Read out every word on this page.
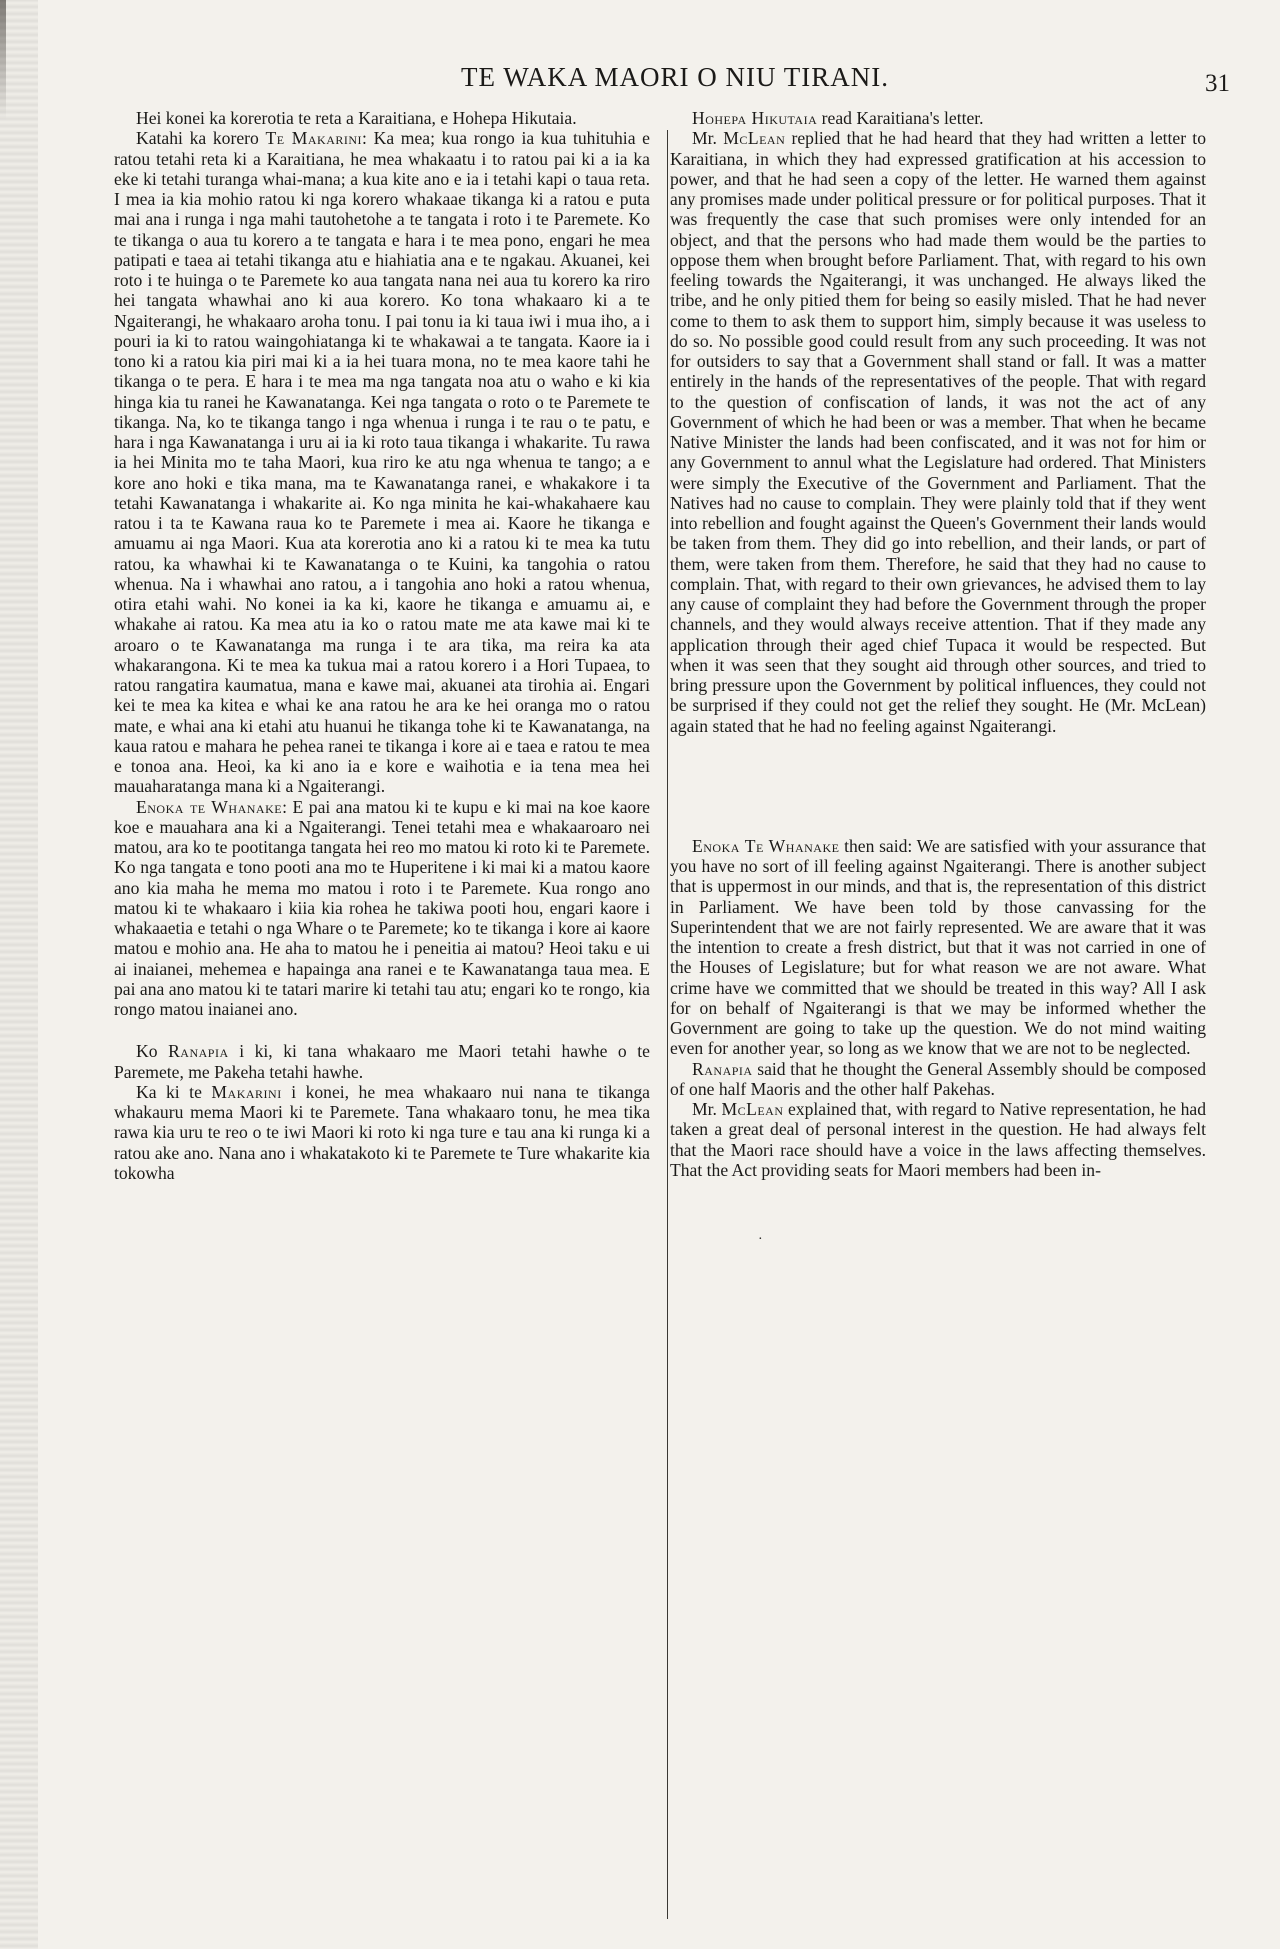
TE WAKA MAORI O NIU TIRANI.	31

Hei konei ka korerotia te reta a Karaitiana, e Hohepa Hikutaia.

Katahi ka korero Te Makarini: Ka mea; kua rongo ia kua tuhituhia e ratou tetahi reta ki a Karaitiana, he mea whakaatu i to ratou pai ki a ia ka eke ki tetahi turanga whai-mana; a kua kite ano e ia i tetahi kapi o taua reta. I mea ia kia mohio ratou ki nga korero whakaae tikanga ki a ratou e puta mai ana i runga i nga mahi tautohetohe a te tangata i roto i te Paremete. Ko te tikanga o aua tu korero a te tangata e hara i te mea pono, engari he mea patipati e taea ai tetahi tikanga atu e hiahiatia ana e te ngakau. Akuanei, kei roto i te huinga o te Paremete ko aua tangata nana nei aua tu korero ka riro hei tangata whawhai ano ki aua korero. Ko tona whakaaro ki a te Ngaiterangi, he whakaaro aroha tonu. I pai tonu ia ki taua iwi i mua iho, a i pouri ia ki to ratou waingohiatanga ki te whakawai a te tangata. Kaore ia i tono ki a ratou kia piri mai ki a ia hei tuara mona, no te mea kaore tahi he tikanga o te pera. E hara i te mea ma nga tangata noa atu o waho e ki kia hinga kia tu ranei he Kawanatanga. Kei nga tangata o roto o te Paremete te tikanga. Na, ko te tikanga tango i nga whenua i runga i te rau o te patu, e hara i nga Kawanatanga i uru ai ia ki roto taua tikanga i whakarite. Tu rawa ia hei Minita mo te taha Maori, kua riro ke atu nga whenua te tango; a e kore ano hoki e tika mana, ma te Kawanatanga ranei, e whakakore i ta tetahi Kawanatanga i whakarite ai. Ko nga minita he kai-whakahaere kau ratou i ta te Kawana raua ko te Paremete i mea ai. Kaore he tikanga e amuamu ai nga Maori. Kua ata korerotia ano ki a ratou ki te mea ka tutu ratou, ka whawhai ki te Kawanatanga o te Kuini, ka tangohia o ratou whenua. Na i whawhai ano ratou, a i tangohia ano hoki a ratou whenua, otira etahi wahi. No konei ia ka ki, kaore he tikanga e amuamu ai, e whakahe ai ratou. Ka mea atu ia ko o ratou mate me ata kawe mai ki te aroaro o te Kawanatanga ma runga i te ara tika, ma reira ka ata whakarangona. Ki te mea ka tukua mai a ratou korero i a Hori Tupaea, to ratou rangatira kaumatua, mana e kawe mai, akuanei ata tirohia ai. Engari kei te mea ka kitea e whai ke ana ratou he ara ke hei oranga mo o ratou mate, e whai ana ki etahi atu huanui he tikanga tohe ki te Kawanatanga, na kaua ratou e mahara he pehea ranei te tikanga i kore ai e taea e ratou te mea e tonoa ana. Heoi, ka ki ano ia e kore e waihotia e ia tena mea hei mauaharatanga mana ki a Ngaiterangi.

Enoka te Whanake: E pai ana matou ki te kupu e ki mai na koe kaore koe e mauahara ana ki a Ngaiterangi. Tenei tetahi mea e whakaaroaro nei matou, ara ko te pootitanga tangata hei reo mo matou ki roto ki te Paremete. Ko nga tangata e tono pooti ana mo te Huperitene i ki mai ki a matou kaore ano kia maha he mema mo matou i roto i te Paremete. Kua rongo ano matou ki te whakaaro i kiia kia rohea he takiwa pooti hou, engari kaore i whakaaetia e tetahi o nga Whare o te Paremete; ko te tikanga i kore ai kaore matou e mohio ana. He aha to matou he i peneitia ai matou? Heoi taku e ui ai inaianei, mehemea e hapainga ana ranei e te Kawanatanga taua mea. E pai ana ano matou ki te tatari marire ki tetahi tau atu; engari ko te rongo, kia rongo matou inaianei ano.

Ko Ranapia i ki, ki tana whakaaro me Maori tetahi hawhe o te Paremete, me Pakeha tetahi hawhe.

Ka ki te Makarini i konei, he mea whakaaro nui nana te tikanga whakauru mema Maori ki te Paremete. Tana whakaaro tonu, he mea tika rawa kia uru te reo o te iwi Maori ki roto ki nga ture e tau ana ki runga ki a ratou ake ano. Nana ano i whakatakoto ki te Paremete te Ture whakarite kia tokowha

Hohepa Hikutaia read Karaitiana's letter.

Mr. McLean replied that he had heard that they had written a letter to Karaitiana, in which they had expressed gratification at his accession to power, and that he had seen a copy of the letter. He warned them against any promises made under political pressure or for political purposes. That it was frequently the case that such promises were only intended for an object, and that the persons who had made them would be the parties to oppose them when brought before Parliament. That, with regard to his own feeling towards the Ngaiterangi, it was unchanged. He always liked the tribe, and he only pitied them for being so easily misled. That he had never come to them to ask them to support him, simply because it was useless to do so. No possible good could result from any such proceeding. It was not for outsiders to say that a Government shall stand or fall. It was a matter entirely in the hands of the representatives of the people. That with regard to the question of confiscation of lands, it was not the act of any Government of which he had been or was a member. That when he became Native Minister the lands had been confiscated, and it was not for him or any Government to annul what the Legislature had ordered. That Ministers were simply the Executive of the Government and Parliament. That the Natives had no cause to complain. They were plainly told that if they went into rebellion and fought against the Queen's Government their lands would be taken from them. They did go into rebellion, and their lands, or part of them, were taken from them. Therefore, he said that they had no cause to complain. That, with regard to their own grievances, he advised them to lay any cause of complaint they had before the Government through the proper channels, and they would always receive attention. That if they made any application through their aged chief Tupaca it would be respected. But when it was seen that they sought aid through other sources, and tried to bring pressure upon the Government by political influences, they could not be surprised if they could not get the relief they sought. He (Mr. McLean) again stated that he had no feeling against Ngaiterangi.

Enoka Te Whanake then said: We are satisfied with your assurance that you have no sort of ill feeling against Ngaiterangi. There is another subject that is uppermost in our minds, and that is, the representation of this district in Parliament. We have been told by those canvassing for the Superintendent that we are not fairly represented. We are aware that it was the intention to create a fresh district, but that it was not carried in one of the Houses of Legislature; but for what reason we are not aware. What crime have we committed that we should be treated in this way? All I ask for on behalf of Ngaiterangi is that we may be informed whether the Government are going to take up the question. We do not mind waiting even for another year, so long as we know that we are not to be neglected.

Ranapia said that he thought the General Assembly should be composed of one half Maoris and the other half Pakehas.

Mr. McLean explained that, with regard to Native representation, he had taken a great deal of personal interest in the question. He had always felt that the Maori race should have a voice in the laws affecting themselves. That the Act providing seats for Maori members had been in-

·
